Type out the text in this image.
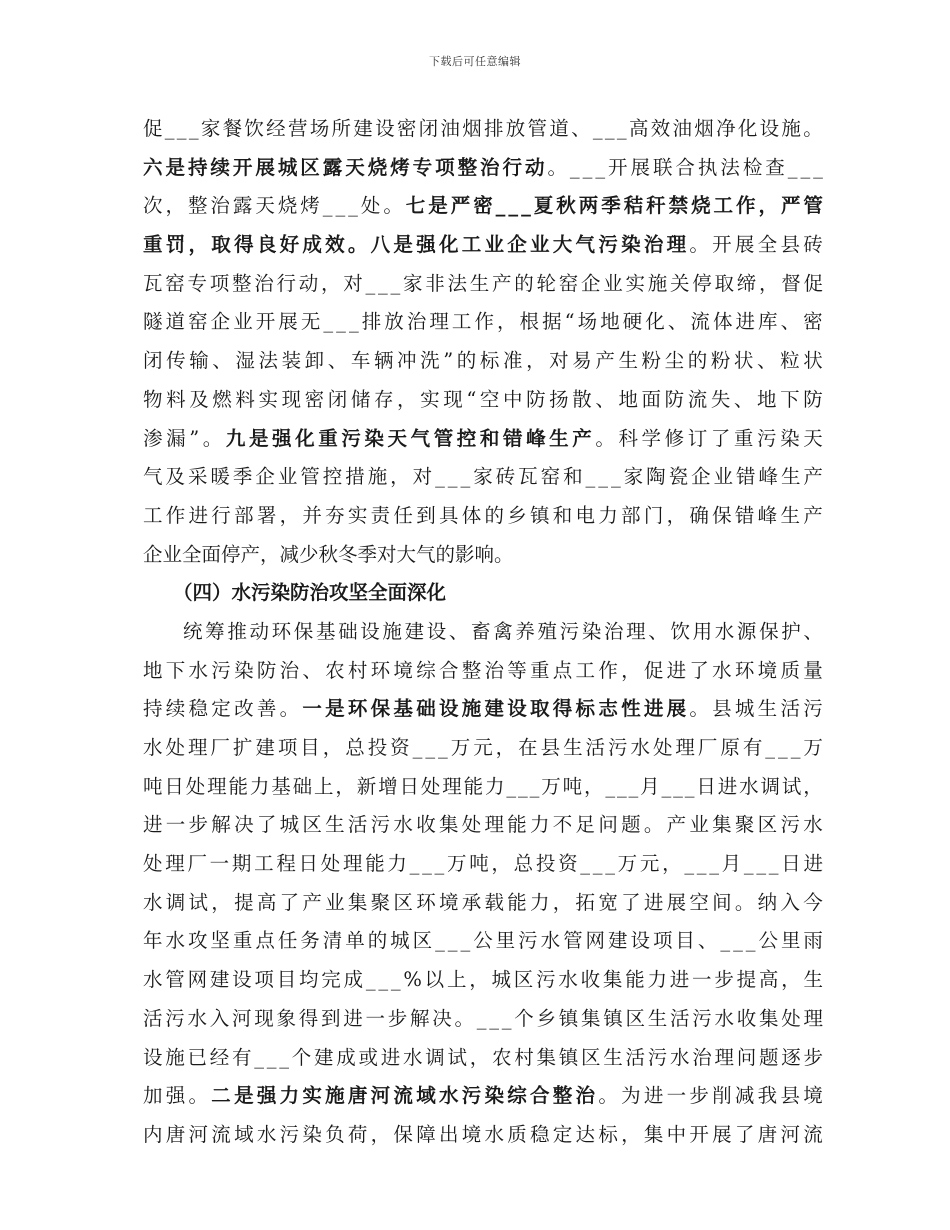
下载后可任意编辑
促 _ _ _ 家 餐 饮 经 营 场 所 建 设 密 闭 油 烟 排 放 管 道 、 _ _ _ 高 效 油 烟 净 化 设 施 。
六 是 持 续 开 展 城 区 露 天 烧 烤 专 项 整 治 行 动 。 _ _ _ 开 展 联 合 执 法 检 查 _ _ _
次 ， 整 治 露 天 烧 烤 _ _ _ 处 。 七 是 严 密 _ _ _ 夏 秋 两 季 秸 秆 禁 烧 工 作 ， 严 管
重 罚 ， 取 得 良 好 成 效 。 八 是 强 化 工 业 企 业 大 气 污 染 治 理 。 开 展 全 县 砖
瓦 窑 专 项 整 治 行 动 ， 对 _ _ _ 家 非 法 生 产 的 轮 窑 企 业 实 施 关 停 取 缔 ， 督 促
隧 道 窑 企 业 开 展 无 _ _ _ 排 放 治 理 工 作 ， 根 据 “ 场 地 硬 化 、 流 体 进 库 、 密
闭 传 输 、 湿 法 装 卸 、 车 辆 冲 洗 ” 的 标 准 ， 对 易 产 生 粉 尘 的 粉 状 、 粒 状
物 料 及 燃 料 实 现 密 闭 储 存 ， 实 现 “ 空 中 防 扬 散 、 地 面 防 流 失 、 地 下 防
渗 漏 ” 。 九 是 强 化 重 污 染 天 气 管 控 和 错 峰 生 产 。 科 学 修 订 了 重 污 染 天
气 及 采 暖 季 企 业 管 控 措 施 ， 对 _ _ _ 家 砖 瓦 窑 和 _ _ _ 家 陶 瓷 企 业 错 峰 生 产
工 作 进 行 部 署 ， 并 夯 实 责 任 到 具 体 的 乡 镇 和 电 力 部 门 ， 确 保 错 峰 生 产
企业全面停产，减少秋冬季对大气的影响。
（四）水污染防治攻坚全面深化
统 筹 推 动 环 保 基 础 设 施 建 设 、 畜 禽 养 殖 污 染 治 理 、 饮 用 水 源 保 护 、
地 下 水 污 染 防 治 、 农 村 环 境 综 合 整 治 等 重 点 工 作 ， 促 进 了 水 环 境 质 量
持 续 稳 定 改 善 。 一 是 环 保 基 础 设 施 建 设 取 得 标 志 性 进 展 。 县 城 生 活 污
水 处 理 厂 扩 建 项 目 ， 总 投 资 _ _ _ 万 元 ， 在 县 生 活 污 水 处 理 厂 原 有 _ _ _ 万
吨 日 处 理 能 力 基 础 上 ， 新 增 日 处 理 能 力 _ _ _ 万 吨 ， _ _ _ 月 _ _ _ 日 进 水 调 试 ，
进 一 步 解 决 了 城 区 生 活 污 水 收 集 处 理 能 力 不 足 问 题 。 产 业 集 聚 区 污 水
处 理 厂 一 期 工 程 日 处 理 能 力 _ _ _ 万 吨 ， 总 投 资 _ _ _ 万 元 ， _ _ _ 月 _ _ _ 日 进
水 调 试 ， 提 高 了 产 业 集 聚 区 环 境 承 载 能 力 ， 拓 宽 了 进 展 空 间 。 纳 入 今
年 水 攻 坚 重 点 任 务 清 单 的 城 区 _ _ _ 公 里 污 水 管 网 建 设 项 目 、 _ _ _ 公 里 雨
水 管 网 建 设 项 目 均 完 成 _ _ _ % 以 上 ， 城 区 污 水 收 集 能 力 进 一 步 提 高 ， 生
活 污 水 入 河 现 象 得 到 进 一 步 解 决 。 _ _ _ 个 乡 镇 集 镇 区 生 活 污 水 收 集 处 理
设 施 已 经 有 _ _ _ 个 建 成 或 进 水 调 试 ， 农 村 集 镇 区 生 活 污 水 治 理 问 题 逐 步
加 强 。 二 是 强 力 实 施 唐 河 流 域 水 污 染 综 合 整 治 。 为 进 一 步 削 减 我 县 境
内 唐 河 流 域 水 污 染 负 荷 ， 保 障 出 境 水 质 稳 定 达 标 ， 集 中 开 展 了 唐 河 流
